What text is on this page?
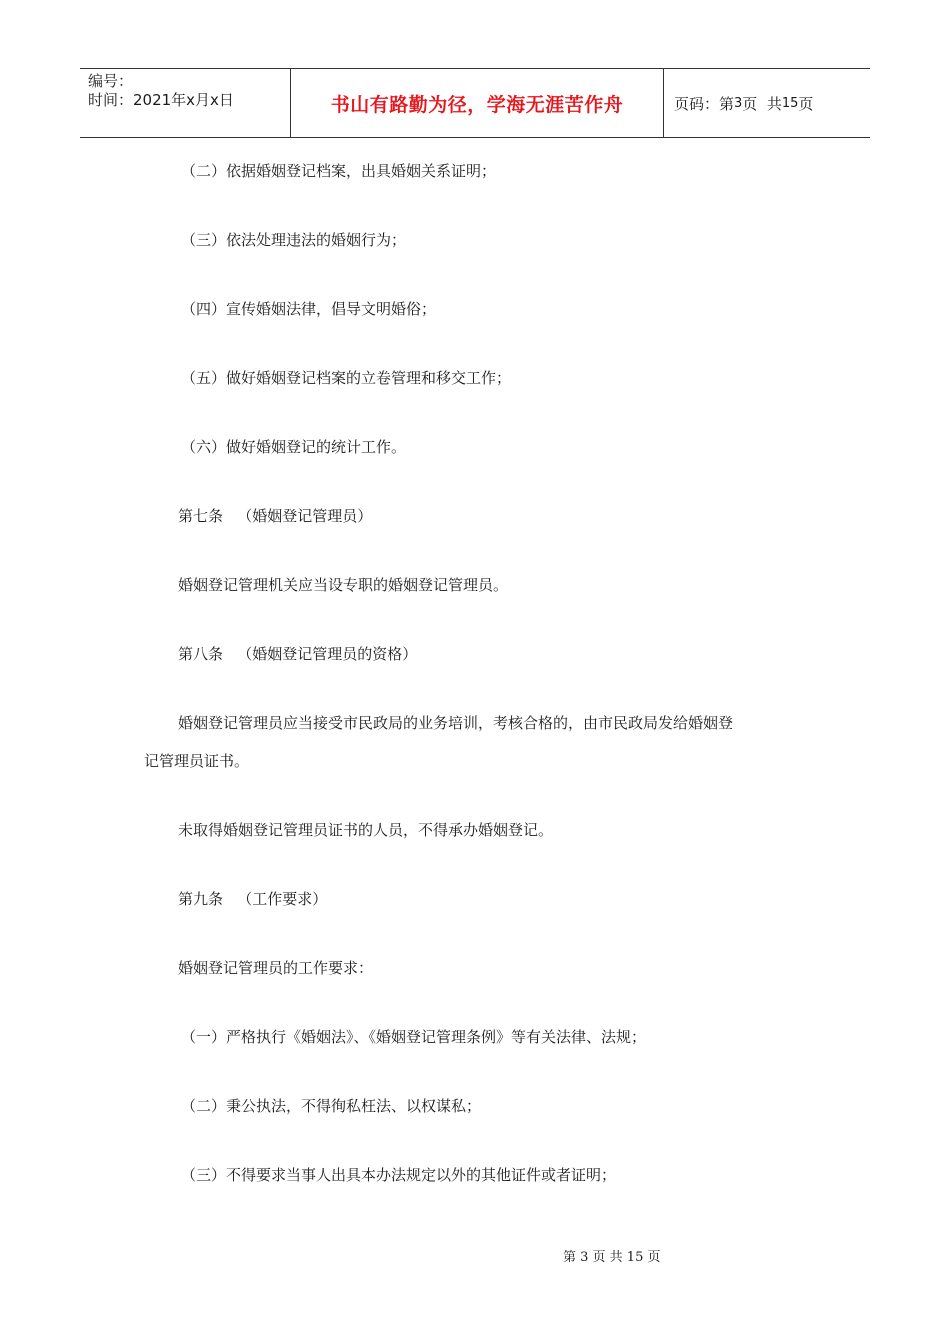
编号：
时间：2021年x月x日	书山有路勤为径，学海无涯苦作舟	页码：第 3 页  共 15 页
（二）依据婚姻登记档案，出具婚姻关系证明；
（三）依法处理违法的婚姻行为；
（四）宣传婚姻法律，倡导文明婚俗；
（五）做好婚姻登记档案的立卷管理和移交工作；
（六）做好婚姻登记的统计工作。
第七条   （婚姻登记管理员）
婚姻登记管理机关应当设专职的婚姻登记管理员。
第八条   （婚姻登记管理员的资格）
婚姻登记管理员应当接受市民政局的业务培训，考核合格的，由市民政局发给婚姻登
记管理员证书。
未取得婚姻登记管理员证书的人员，不得承办婚姻登记。
第九条   （工作要求）
婚姻登记管理员的工作要求：
（一）严格执行《婚姻法》、《婚姻登记管理条例》等有关法律、法规；
（二）秉公执法，不得徇私枉法、以权谋私；
（三）不得要求当事人出具本办法规定以外的其他证件或者证明；
第 3 页 共 15 页
